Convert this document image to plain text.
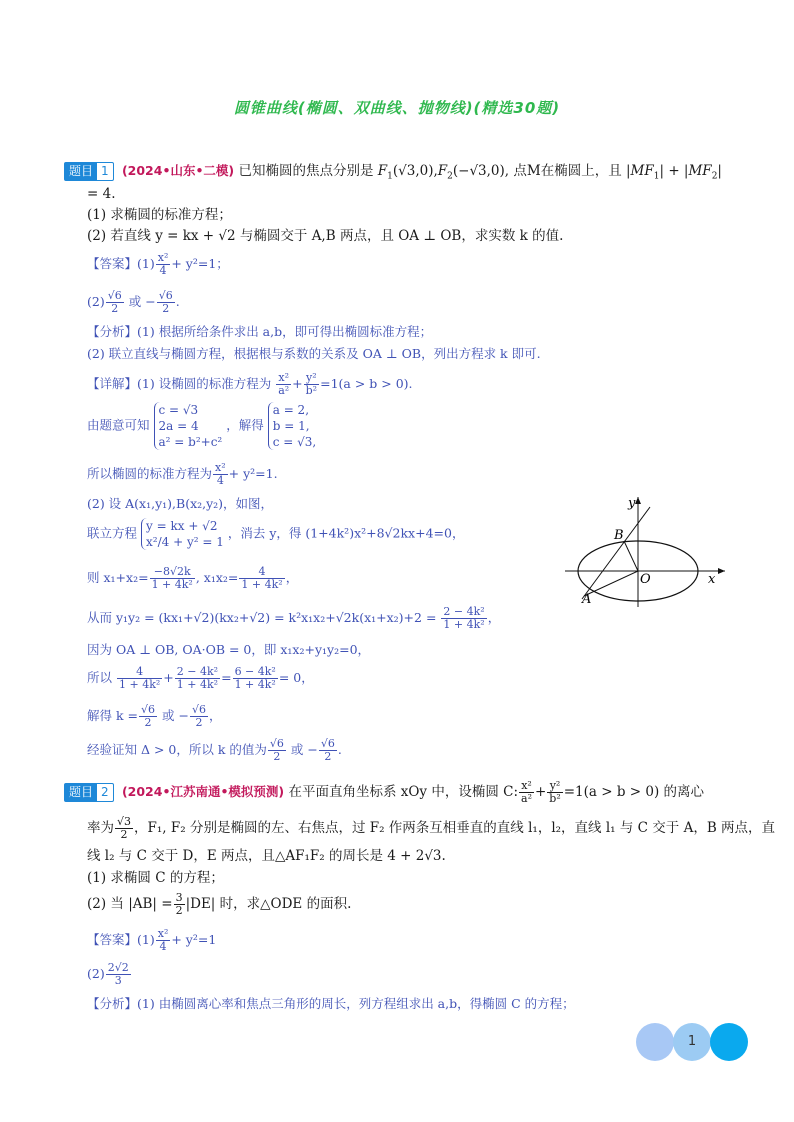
圆锥曲线(椭圆、双曲线、抛物线)(精选30题)
题目 1 (2024•山东•二模) 已知椭圆的焦点分别是 $F_1(√3,0),F_2(-√3,0)$, 点M在椭圆上，且 $|MF_1| + |MF_2|$
= 4.
(1) 求椭圆的标准方程；
(2) 若直线 y = kx + √2 与椭圆交于 A,B 两点，且 OA ⊥ OB，求实数 k 的值.
【答案】$(1) \frac{\text{x²}}{4} + y^2=1$；
$(2) \frac{√6}{2}$ 或 − $\frac{√6}{2}$ .
【分析】(1) 根据所给条件求出 a,b，即可得出椭圆标准方程；
(2) 联立直线与椭圆方程，根据根与系数的关系及 OA ⊥ OB，列出方程求 k 即可.
【详解】(1) 设椭圆的标准方程为 $\frac{\text{x²}}{\text{a²}} + \frac{\text{y²}}{\text{b²}} =1(a > b > 0)$.
由题意可知
c = √3
2a = 4
a² = b²+c²
，解得
a = 2,
b = 1,
c = √3,
所以椭圆的标准方程为 $\frac{\text{x²}}{4} + y^2=1$.
(2) 设 A(x₁,y₁),B(x₂,y₂)，如图，
联立方程 y = kx + √2
x²/4 + y² = 1
，消去 y，得 (1+4k²)x²+8√2kx+4=0，
则 $x_1+x_2= \frac{-8√2k}{\text{1 + 4k²}}$ , $x_1x_2= \frac{4}{\text{1 + 4k²}}$ ，
从而 $y_1y_2 = (kx_1+√2)(kx_2+√2) = k^2x_1x_2+√2k(x_1+x_2)+2 = \frac{\text{2 − 4k²}}{\text{1 + 4k²}}$ ，
因为 OA ⊥ OB, OA·OB = 0，即 x₁x₂+y₁y₂=0，
所以 $\frac{4}{\text{1 + 4k²}} + \frac{\text{2 − 4k²}}{\text{1 + 4k²}} = \frac{\text{6 − 4k²}}{\text{1 + 4k²}} = 0$，
解得 $k = \frac{√6}{2}$ 或 − $\frac{√6}{2}$ ，
经验证知 Δ > 0，所以 k 的值为 $\frac{√6}{2}$ 或 − $\frac{√6}{2}$ .
x
y
O
A
B
题目 2 (2024•江苏南通•模拟预测) 在平面直角坐标系 xOy 中，设椭圆 C: $\frac{\text{x²}}{\text{a²}} + \frac{\text{y²}}{\text{b²}} =1(a > b > 0)$ 的离心
率为 $\frac{√3}{2}$ ，F₁, F₂ 分别是椭圆的左、右焦点，过 F₂ 作两条互相垂直的直线 l₁，l₂，直线 l₁ 与 C 交于 A，B 两点，直
线 l₂ 与 C 交于 D，E 两点，且△AF₁F₂ 的周长是 4 + 2√3.
(1) 求椭圆 C 的方程；
(2) 当 $|AB| = \frac{3}{2} |DE|$ 时，求△ODE 的面积.
【答案】$(1) \frac{\text{x²}}{4} + y^2=1$
$(2) \frac{2√2}{3}$
【分析】(1) 由椭圆离心率和焦点三角形的周长，列方程组求出 a,b，得椭圆 C 的方程；
1
